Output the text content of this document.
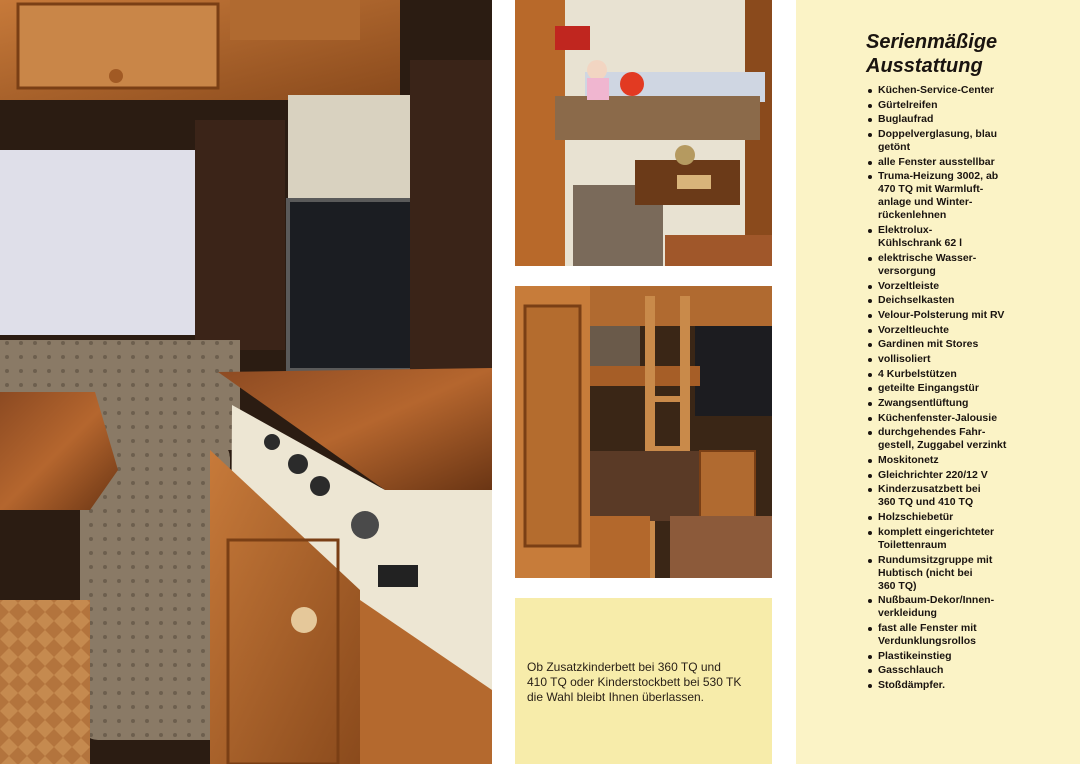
Ob Zusatzkinderbett bei 360 TQ und
410 TQ oder Kinderstockbett bei 530 TK
die Wahl bleibt Ihnen überlassen.
Serienmäßige
Ausstattung
Küchen-Service-Center
Gürtelreifen
Buglaufrad
Doppelverglasung, blau
getönt
alle Fenster ausstellbar
Truma-Heizung 3002, ab
470 TQ mit Warmluft-
anlage und Winter-
rückenlehnen
Elektrolux-
Kühlschrank 62 l
elektrische Wasser-
versorgung
Vorzeltleiste
Deichselkasten
Velour-Polsterung mit RV
Vorzeltleuchte
Gardinen mit Stores
vollisoliert
4 Kurbelstützen
geteilte Eingangstür
Zwangsentlüftung
Küchenfenster-Jalousie
durchgehendes Fahr-
gestell, Zuggabel verzinkt
Moskitonetz
Gleichrichter 220/12 V
Kinderzusatzbett bei
360 TQ und 410 TQ
Holzschiebetür
komplett eingerichteter
Toilettenraum
Rundumsitzgruppe mit
Hubtisch (nicht bei
360 TQ)
Nußbaum-Dekor/Innen-
verkleidung
fast alle Fenster mit
Verdunklungsrollos
Plastikeinstieg
Gasschlauch
Stoßdämpfer.
